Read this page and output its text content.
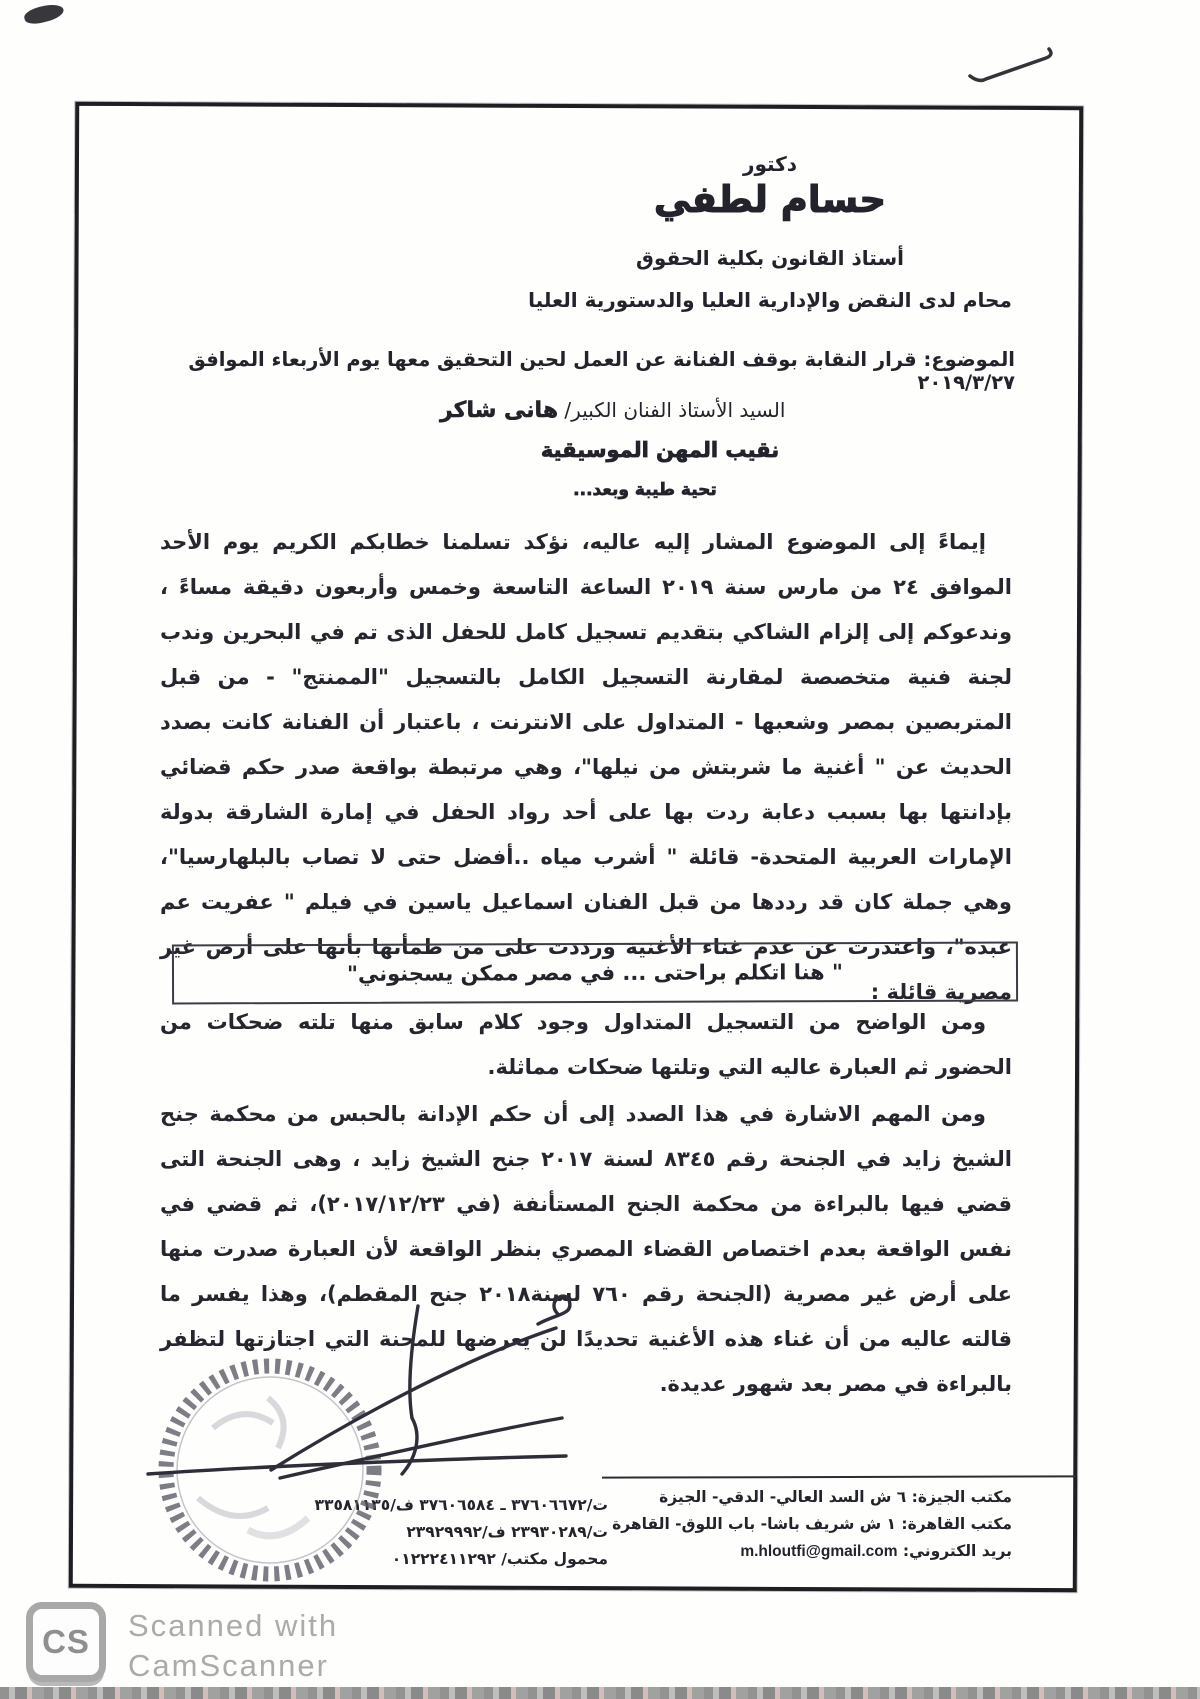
دكتور
حسام لطفي
أستاذ القانون بكلية الحقوق
محام لدى النقض والإدارية العليا والدستورية العليا
الموضوع: قرار النقابة بوقف الفنانة عن العمل لحين التحقيق معها يوم الأربعاء الموافق ٢٠١٩/٣/٢٧
السيد الأستاذ الفنان الكبير/ هانى شاكر
نقيب المهن الموسيقية
تحية طيبة وبعد...
إيماءً إلى الموضوع المشار إليه عاليه، نؤكد تسلمنا خطابكم الكريم يوم الأحد الموافق ٢٤ من مارس سنة ٢٠١٩ الساعة التاسعة وخمس وأربعون دقيقة مساءً ، وندعوكم إلى إلزام الشاكي بتقديم تسجيل كامل للحفل الذى تم في البحرين وندب لجنة فنية متخصصة لمقارنة التسجيل الكامل بالتسجيل "الممنتج" - من قبل المتربصين بمصر وشعبها - المتداول على الانترنت ، باعتبار أن الفنانة كانت بصدد الحديث عن " أغنية ما شربتش من نيلها"، وهي مرتبطة بواقعة صدر حكم قضائي بإدانتها بها بسبب دعابة ردت بها على أحد رواد الحفل في إمارة الشارقة بدولة الإمارات العربية المتحدة- قائلة " أشرب مياه ..أفضل حتى لا تصاب بالبلهارسيا"، وهي جملة كان قد رددها من قبل الفنان اسماعيل ياسين في فيلم " عفريت عم عبده"، واعتذرت عن عدم غناء الأغنية ورددت على من طمأنها بأنها على أرض غير مصرية قائلة :
" هنا اتكلم براحتى ... في مصر ممكن يسجنوني"
ومن الواضح من التسجيل المتداول وجود كلام سابق منها تلته ضحكات من الحضور ثم العبارة عاليه التي وتلتها ضحكات مماثلة.
ومن المهم الاشارة في هذا الصدد إلى أن حكم الإدانة بالحبس من محكمة جنح الشيخ زايد في الجنحة رقم ٨٣٤٥ لسنة ٢٠١٧ جنح الشيخ زايد ، وهى الجنحة التى قضي فيها بالبراءة من محكمة الجنح المستأنفة (في ٢٠١٧/١٢/٢٣)، ثم قضي في نفس الواقعة بعدم اختصاص القضاء المصري بنظر الواقعة لأن العبارة صدرت منها على أرض غير مصرية (الجنحة رقم ٧٦٠ لسنة٢٠١٨ جنح المقطم)، وهذا يفسر ما قالته عاليه من أن غناء هذه الأغنية تحديدًا لن يعرضها للمحنة التي اجتازتها لتظفر بالبراءة في مصر بعد شهور عديدة.
مكتب الجيزة: ٦ ش السد العالي- الدقي- الجيزة
مكتب القاهرة: ١ ش شريف باشا- باب اللوق- القاهرة
بريد الكتروني: m.hloutfi@gmail.com
ت/٣٧٦٠٦٦٧٢ ـ ٣٧٦٠٦٥٨٤ ف/٣٣٥٨١١٣٥
ت/٢٣٩٣٠٢٨٩ ف/٢٣٩٢٩٩٩٢
محمول مكتب/ ٠١٢٢٢٤١١٢٩٢
CS	Scanned with
CamScanner
